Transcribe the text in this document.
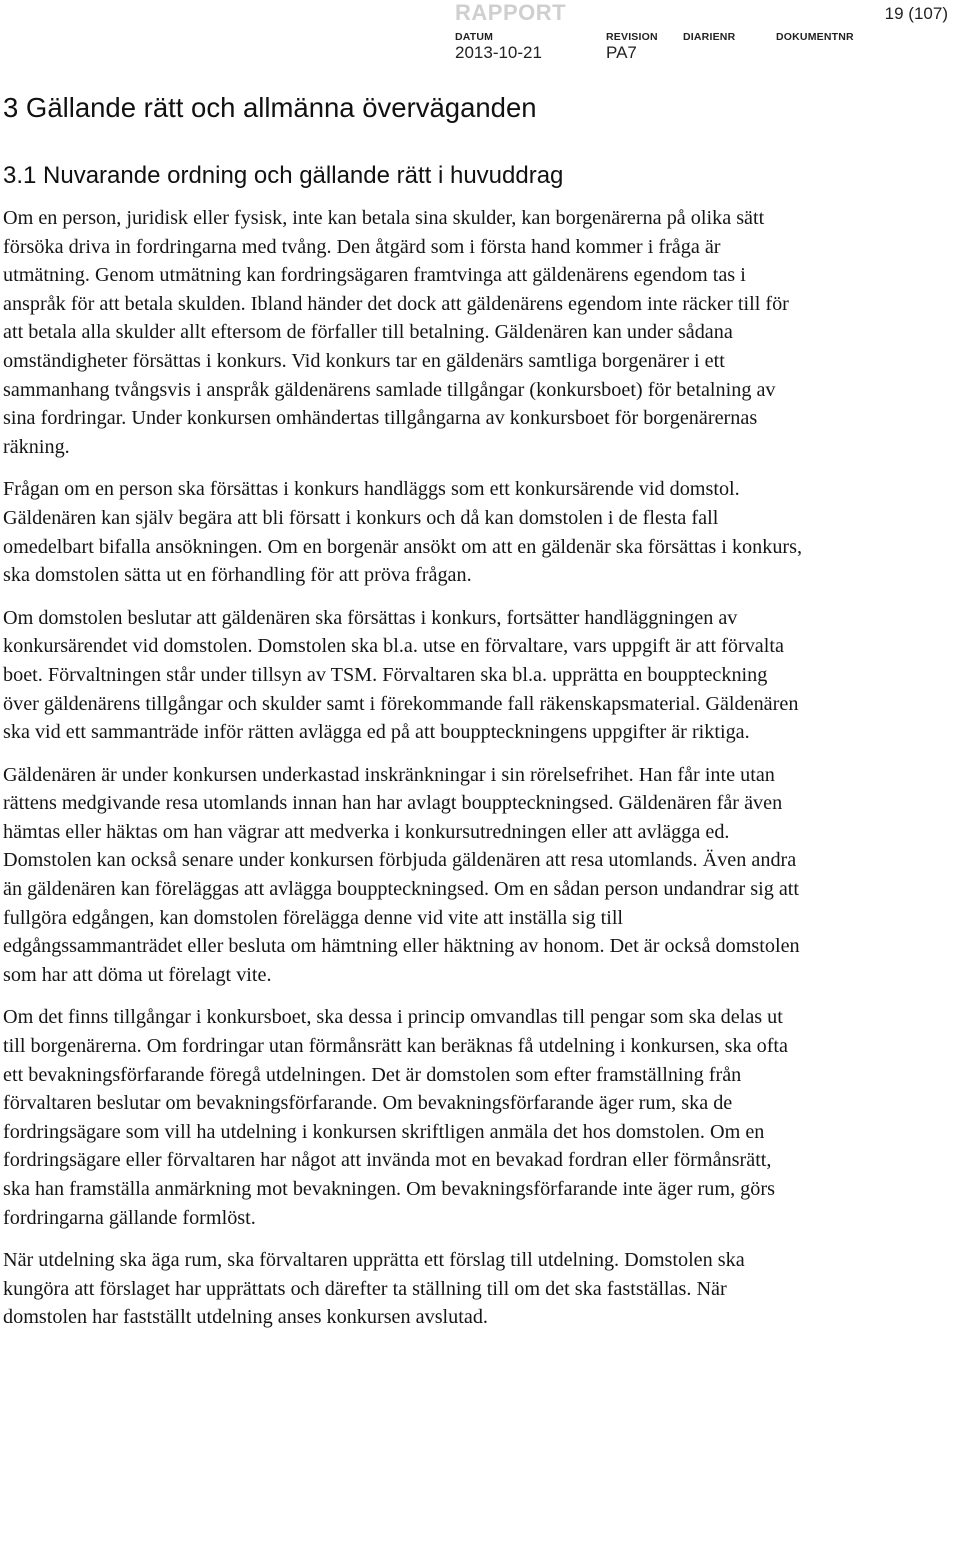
RAPPORT	19 (107)
DATUM
2013-10-21
REVISION
PA7
DIARIENR	DOKUMENTNR
3 Gällande rätt och allmänna överväganden
3.1 Nuvarande ordning och gällande rätt i huvuddrag

Om en person, juridisk eller fysisk, inte kan betala sina skulder, kan borgenärerna på olika sätt försöka driva in fordringarna med tvång. Den åtgärd som i första hand kommer i fråga är utmätning. Genom utmätning kan fordringsägaren framtvinga att gäldenärens egendom tas i anspråk för att betala skulden. Ibland händer det dock att gäldenärens egendom inte räcker till för att betala alla skulder allt eftersom de förfaller till betalning. Gäldenären kan under sådana omständigheter försättas i konkurs. Vid konkurs tar en gäldenärs samtliga borgenärer i ett sammanhang tvångsvis i anspråk gäldenärens samlade tillgångar (konkursboet) för betalning av sina fordringar. Under konkursen omhändertas tillgångarna av konkursboet för borgenärernas räkning.

Frågan om en person ska försättas i konkurs handläggs som ett konkursärende vid domstol. Gäldenären kan själv begära att bli försatt i konkurs och då kan domstolen i de flesta fall omedelbart bifalla ansökningen. Om en borgenär ansökt om att en gäldenär ska försättas i konkurs, ska domstolen sätta ut en förhandling för att pröva frågan.

Om domstolen beslutar att gäldenären ska försättas i konkurs, fortsätter handläggningen av konkursärendet vid domstolen. Domstolen ska bl.a. utse en förvaltare, vars uppgift är att förvalta boet. Förvaltningen står under tillsyn av TSM. Förvaltaren ska bl.a. upprätta en bouppteckning över gäldenärens tillgångar och skulder samt i förekommande fall räkenskapsmaterial. Gäldenären ska vid ett sammanträde inför rätten avlägga ed på att bouppteckningens uppgifter är riktiga.

Gäldenären är under konkursen underkastad inskränkningar i sin rörelsefrihet. Han får inte utan rättens medgivande resa utomlands innan han har avlagt bouppteckningsed. Gäldenären får även hämtas eller häktas om han vägrar att medverka i konkursutredningen eller att avlägga ed. Domstolen kan också senare under konkursen förbjuda gäldenären att resa utomlands. Även andra än gäldenären kan föreläggas att avlägga bouppteckningsed. Om en sådan person undandrar sig att fullgöra edgången, kan domstolen förelägga denne vid vite att inställa sig till edgångssammanträdet eller besluta om hämtning eller häktning av honom. Det är också domstolen som har att döma ut förelagt vite.

Om det finns tillgångar i konkursboet, ska dessa i princip omvandlas till pengar som ska delas ut till borgenärerna. Om fordringar utan förmånsrätt kan beräknas få utdelning i konkursen, ska ofta ett bevakningsförfarande föregå utdelningen. Det är domstolen som efter framställning från förvaltaren beslutar om bevakningsförfarande. Om bevakningsförfarande äger rum, ska de fordringsägare som vill ha utdelning i konkursen skriftligen anmäla det hos domstolen. Om en fordringsägare eller förvaltaren har något att invända mot en bevakad fordran eller förmånsrätt, ska han framställa anmärkning mot bevakningen. Om bevakningsförfarande inte äger rum, görs fordringarna gällande formlöst.

När utdelning ska äga rum, ska förvaltaren upprätta ett förslag till utdelning. Domstolen ska kungöra att förslaget har upprättats och därefter ta ställning till om det ska fastställas. När domstolen har fastställt utdelning anses konkursen avslutad.
